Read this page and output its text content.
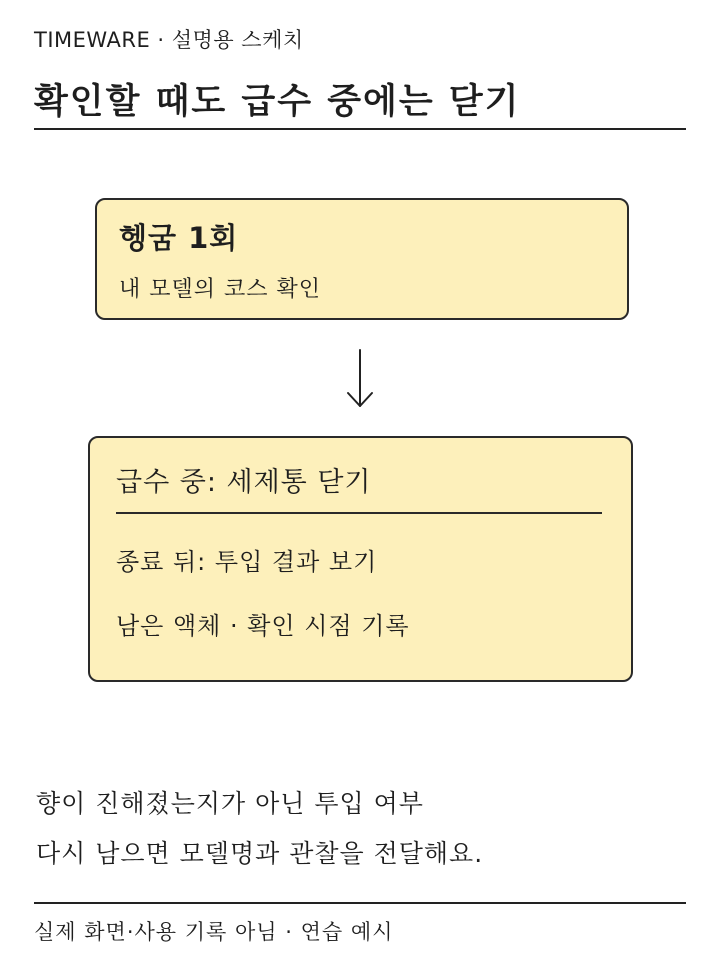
TIMEWARE · 설명용 스케치
확인할 때도 급수 중에는 닫기
헹굼 1회
내 모델의 코스 확인
급수 중: 세제통 닫기
종료 뒤: 투입 결과 보기
남은 액체 · 확인 시점 기록
향이 진해졌는지가 아닌 투입 여부
다시 남으면 모델명과 관찰을 전달해요.
실제 화면·사용 기록 아님 · 연습 예시
